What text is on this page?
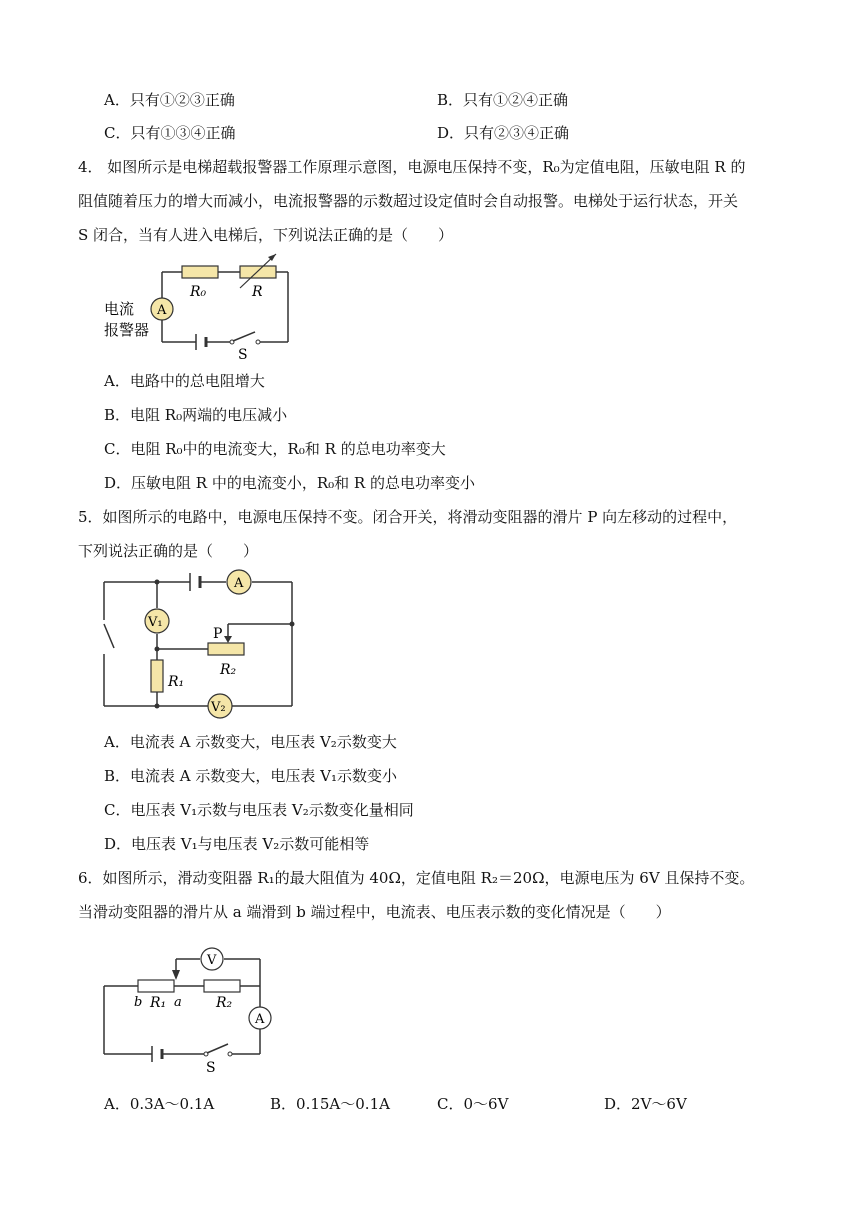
A．只有①②③正确	B．只有①②④正确
C．只有①③④正确	D．只有②③④正确
4． 如图所示是电梯超载报警器工作原理示意图，电源电压保持不变，R₀为定值电阻，压敏电阻 R 的
阻值随着压力的增大而减小，电流报警器的示数超过设定值时会自动报警。电梯处于运行状态，开关
S 闭合，当有人进入电梯后，下列说法正确的是（　　）
R₀	R
A
电流
报警器
S
A．电路中的总电阻增大
B．电阻 R₀两端的电压减小
C．电阻 R₀中的电流变大，R₀和 R 的总电功率变大
D．压敏电阻 R 中的电流变小，R₀和 R 的总电功率变小
5．如图所示的电路中，电源电压保持不变。闭合开关，将滑动变阻器的滑片 P 向左移动的过程中，
下列说法正确的是（　　）
A
V₁
R₁
P
R₂
V₂
A．电流表 A 示数变大，电压表 V₂示数变大
B．电流表 A 示数变大，电压表 V₁示数变小
C．电压表 V₁示数与电压表 V₂示数变化量相同
D．电压表 V₁与电压表 V₂示数可能相等
6．如图所示，滑动变阻器 R₁的最大阻值为 40Ω，定值电阻 R₂＝20Ω，电源电压为 6V 且保持不变。
当滑动变阻器的滑片从 a 端滑到 b 端过程中，电流表、电压表示数的变化情况是（　　）
V
b R₁ a R₂
A
S
A．0.3A～0.1A	B．0.15A～0.1A	C．0～6V	D．2V～6V
